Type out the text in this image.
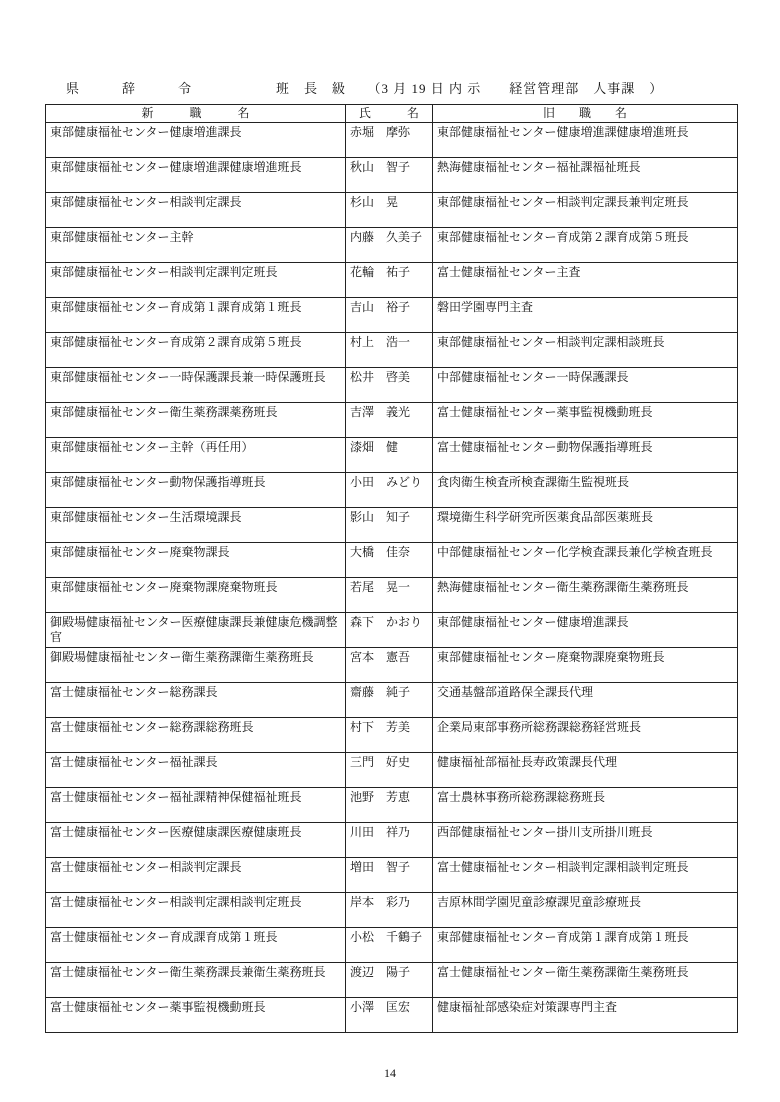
県　　　辞　　　令　　　　　　班　長　級　　（3 月 19 日 内 示　　経営管理部　人事課　）
新　　　職　　　名	氏　　　名	旧　　職　　名
東部健康福祉センター健康増進課長	赤堀　摩弥	東部健康福祉センター健康増進課健康増進班長
東部健康福祉センター健康増進課健康増進班長	秋山　智子	熱海健康福祉センター福祉課福祉班長
東部健康福祉センター相談判定課長	杉山　晃	東部健康福祉センター相談判定課長兼判定班長
東部健康福祉センター主幹	内藤　久美子	東部健康福祉センター育成第２課育成第５班長
東部健康福祉センター相談判定課判定班長	花輪　祐子	富士健康福祉センター主査
東部健康福祉センター育成第１課育成第１班長	吉山　裕子	磐田学園専門主査
東部健康福祉センター育成第２課育成第５班長	村上　浩一	東部健康福祉センター相談判定課相談班長
東部健康福祉センター一時保護課長兼一時保護班長	松井　啓美	中部健康福祉センター一時保護課長
東部健康福祉センター衛生薬務課薬務班長	吉澤　義光	富士健康福祉センター薬事監視機動班長
東部健康福祉センター主幹（再任用）	漆畑　健	富士健康福祉センター動物保護指導班長
東部健康福祉センター動物保護指導班長	小田　みどり	食肉衛生検査所検査課衛生監視班長
東部健康福祉センター生活環境課長	影山　知子	環境衛生科学研究所医薬食品部医薬班長
東部健康福祉センター廃棄物課長	大橋　佳奈	中部健康福祉センター化学検査課長兼化学検査班長
東部健康福祉センター廃棄物課廃棄物班長	若尾　晃一	熱海健康福祉センター衛生薬務課衛生薬務班長
御殿場健康福祉センター医療健康課長兼健康危機調整官	森下　かおり	東部健康福祉センター健康増進課長
御殿場健康福祉センター衛生薬務課衛生薬務班長	宮本　憲吾	東部健康福祉センター廃棄物課廃棄物班長
富士健康福祉センター総務課長	齋藤　純子	交通基盤部道路保全課長代理
富士健康福祉センター総務課総務班長	村下　芳美	企業局東部事務所総務課総務経営班長
富士健康福祉センター福祉課長	三門　好史	健康福祉部福祉長寿政策課長代理
富士健康福祉センター福祉課精神保健福祉班長	池野　芳恵	富士農林事務所総務課総務班長
富士健康福祉センター医療健康課医療健康班長	川田　祥乃	西部健康福祉センター掛川支所掛川班長
富士健康福祉センター相談判定課長	増田　智子	富士健康福祉センター相談判定課相談判定班長
富士健康福祉センター相談判定課相談判定班長	岸本　彩乃	吉原林間学園児童診療課児童診療班長
富士健康福祉センター育成課育成第１班長	小松　千鶴子	東部健康福祉センター育成第１課育成第１班長
富士健康福祉センター衛生薬務課長兼衛生薬務班長	渡辺　陽子	富士健康福祉センター衛生薬務課衛生薬務班長
富士健康福祉センター薬事監視機動班長	小澤　匡宏	健康福祉部感染症対策課専門主査
14
